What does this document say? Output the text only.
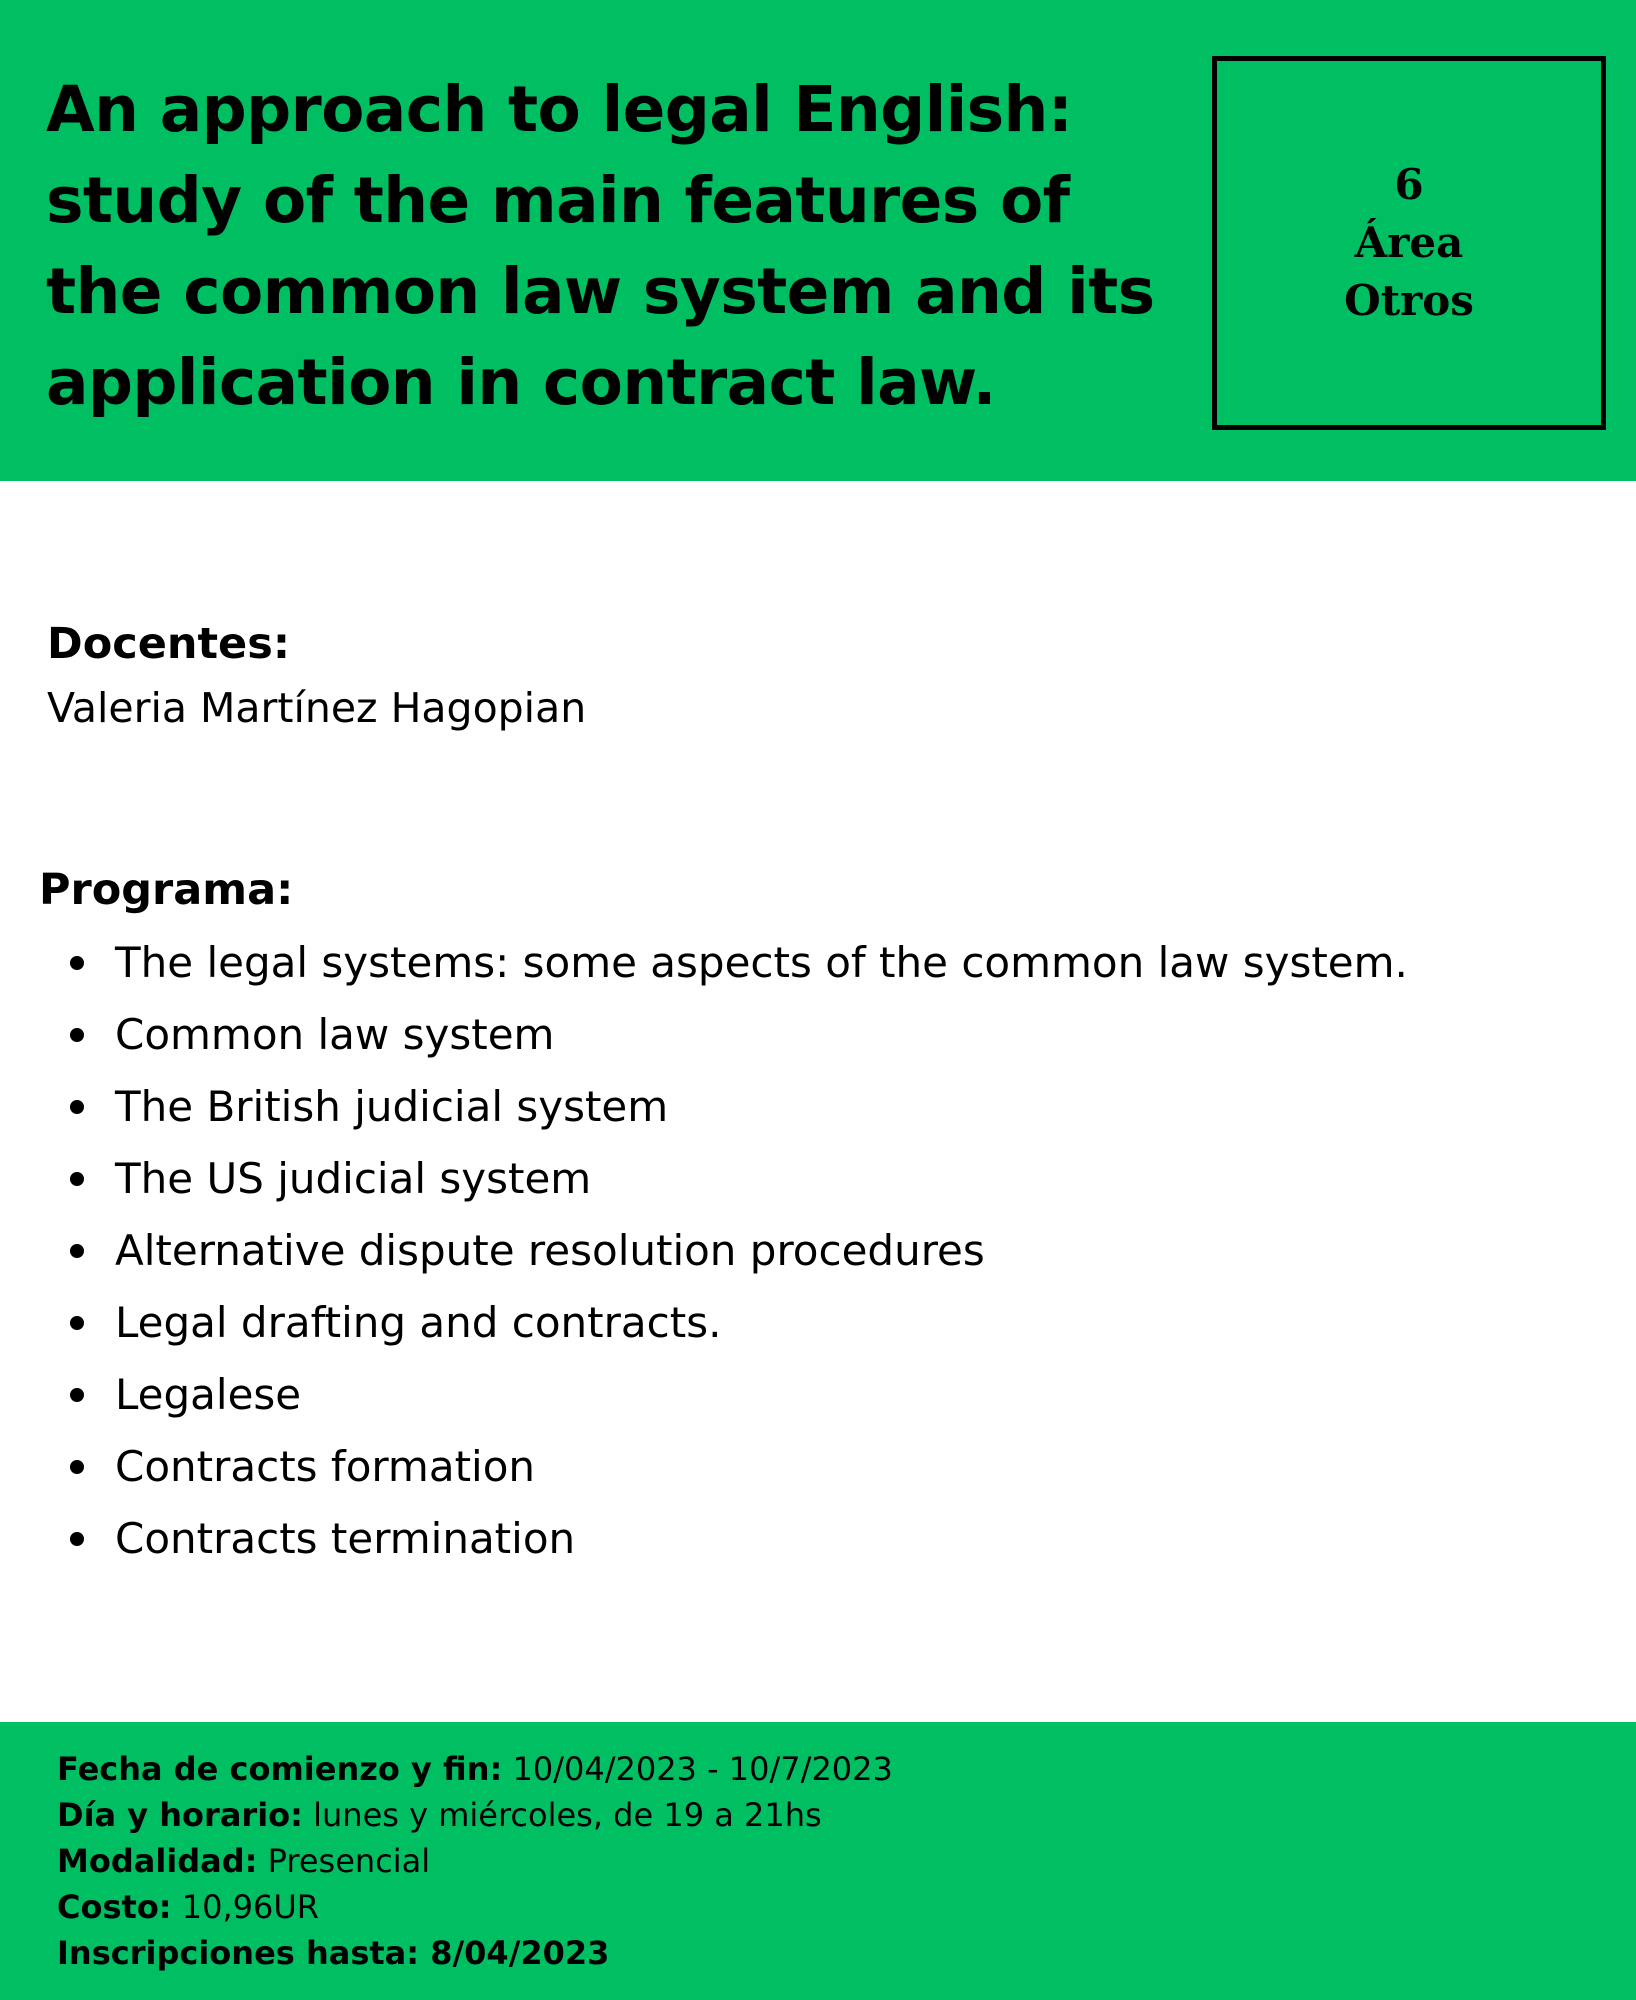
An approach to legal English: study of the main features of the common law system and its application in contract law.
6
Área
Otros
Docentes:
Valeria Martínez Hagopian
Programa:
The legal systems: some aspects of the common law system.
Common law system
The British judicial system
The US judicial system
Alternative dispute resolution procedures
Legal drafting and contracts.
Legalese
Contracts formation
Contracts termination
Fecha de comienzo y fin: 10/04/2023 - 10/7/2023
Día y horario: lunes y miércoles, de 19 a 21hs
Modalidad: Presencial
Costo: 10,96UR
Inscripciones hasta: 8/04/2023
